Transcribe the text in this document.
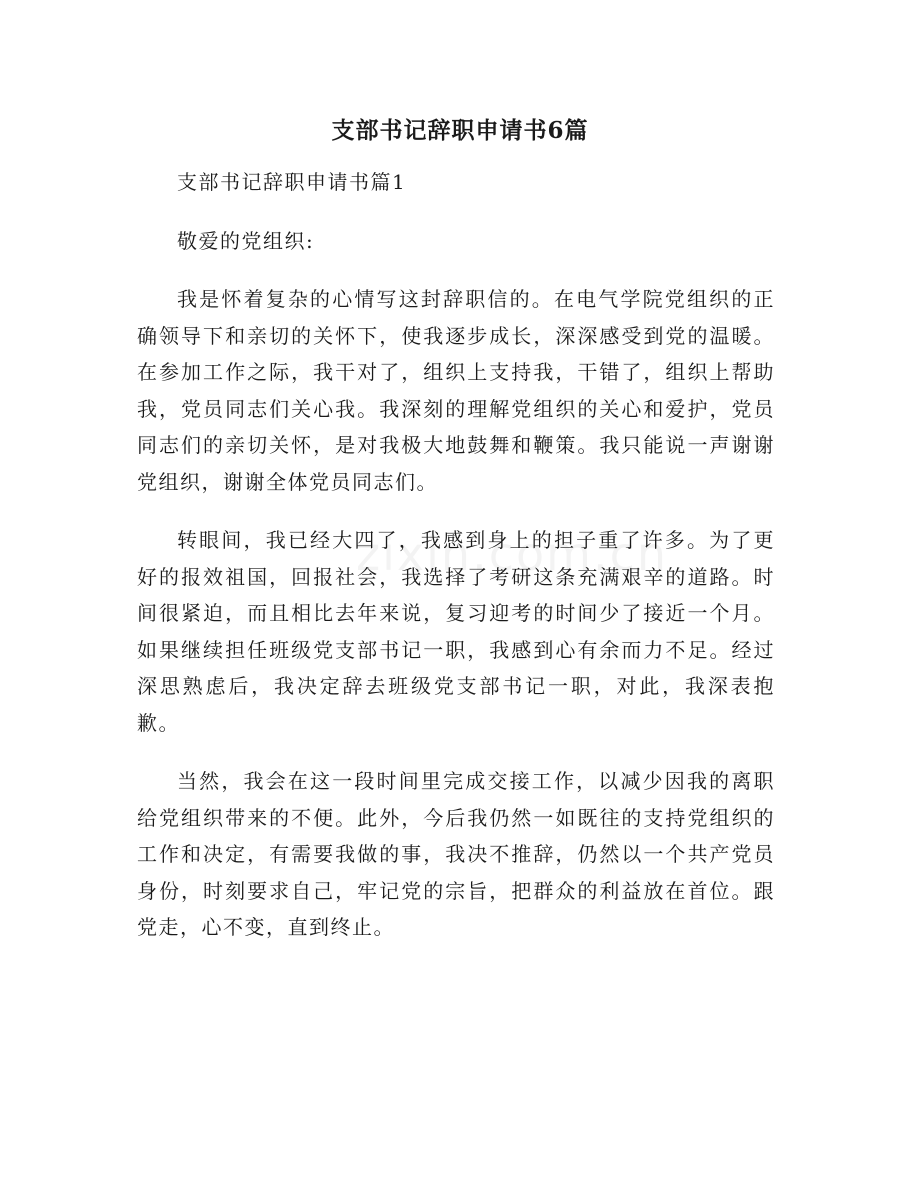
支部书记辞职申请书6篇

支部书记辞职申请书篇1

敬爱的党组织:

我是怀着复杂的心情写这封辞职信的。在电气学院党组织的正确领导下和亲切的关怀下，使我逐步成长，深深感受到党的温暖。在参加工作之际，我干对了，组织上支持我，干错了，组织上帮助我，党员同志们关心我。我深刻的理解党组织的关心和爱护，党员同志们的亲切关怀，是对我极大地鼓舞和鞭策。我只能说一声谢谢党组织，谢谢全体党员同志们。

转眼间，我已经大四了，我感到身上的担子重了许多。为了更好的报效祖国，回报社会，我选择了考研这条充满艰辛的道路。时间很紧迫，而且相比去年来说，复习迎考的时间少了接近一个月。如果继续担任班级党支部书记一职，我感到心有余而力不足。经过深思熟虑后，我决定辞去班级党支部书记一职，对此，我深表抱歉。

当然，我会在这一段时间里完成交接工作，以减少因我的离职给党组织带来的不便。此外，今后我仍然一如既往的支持党组织的工作和决定，有需要我做的事，我决不推辞，仍然以一个共产党员身份，时刻要求自己，牢记党的宗旨，把群众的利益放在首位。跟党走，心不变，直到终止。
